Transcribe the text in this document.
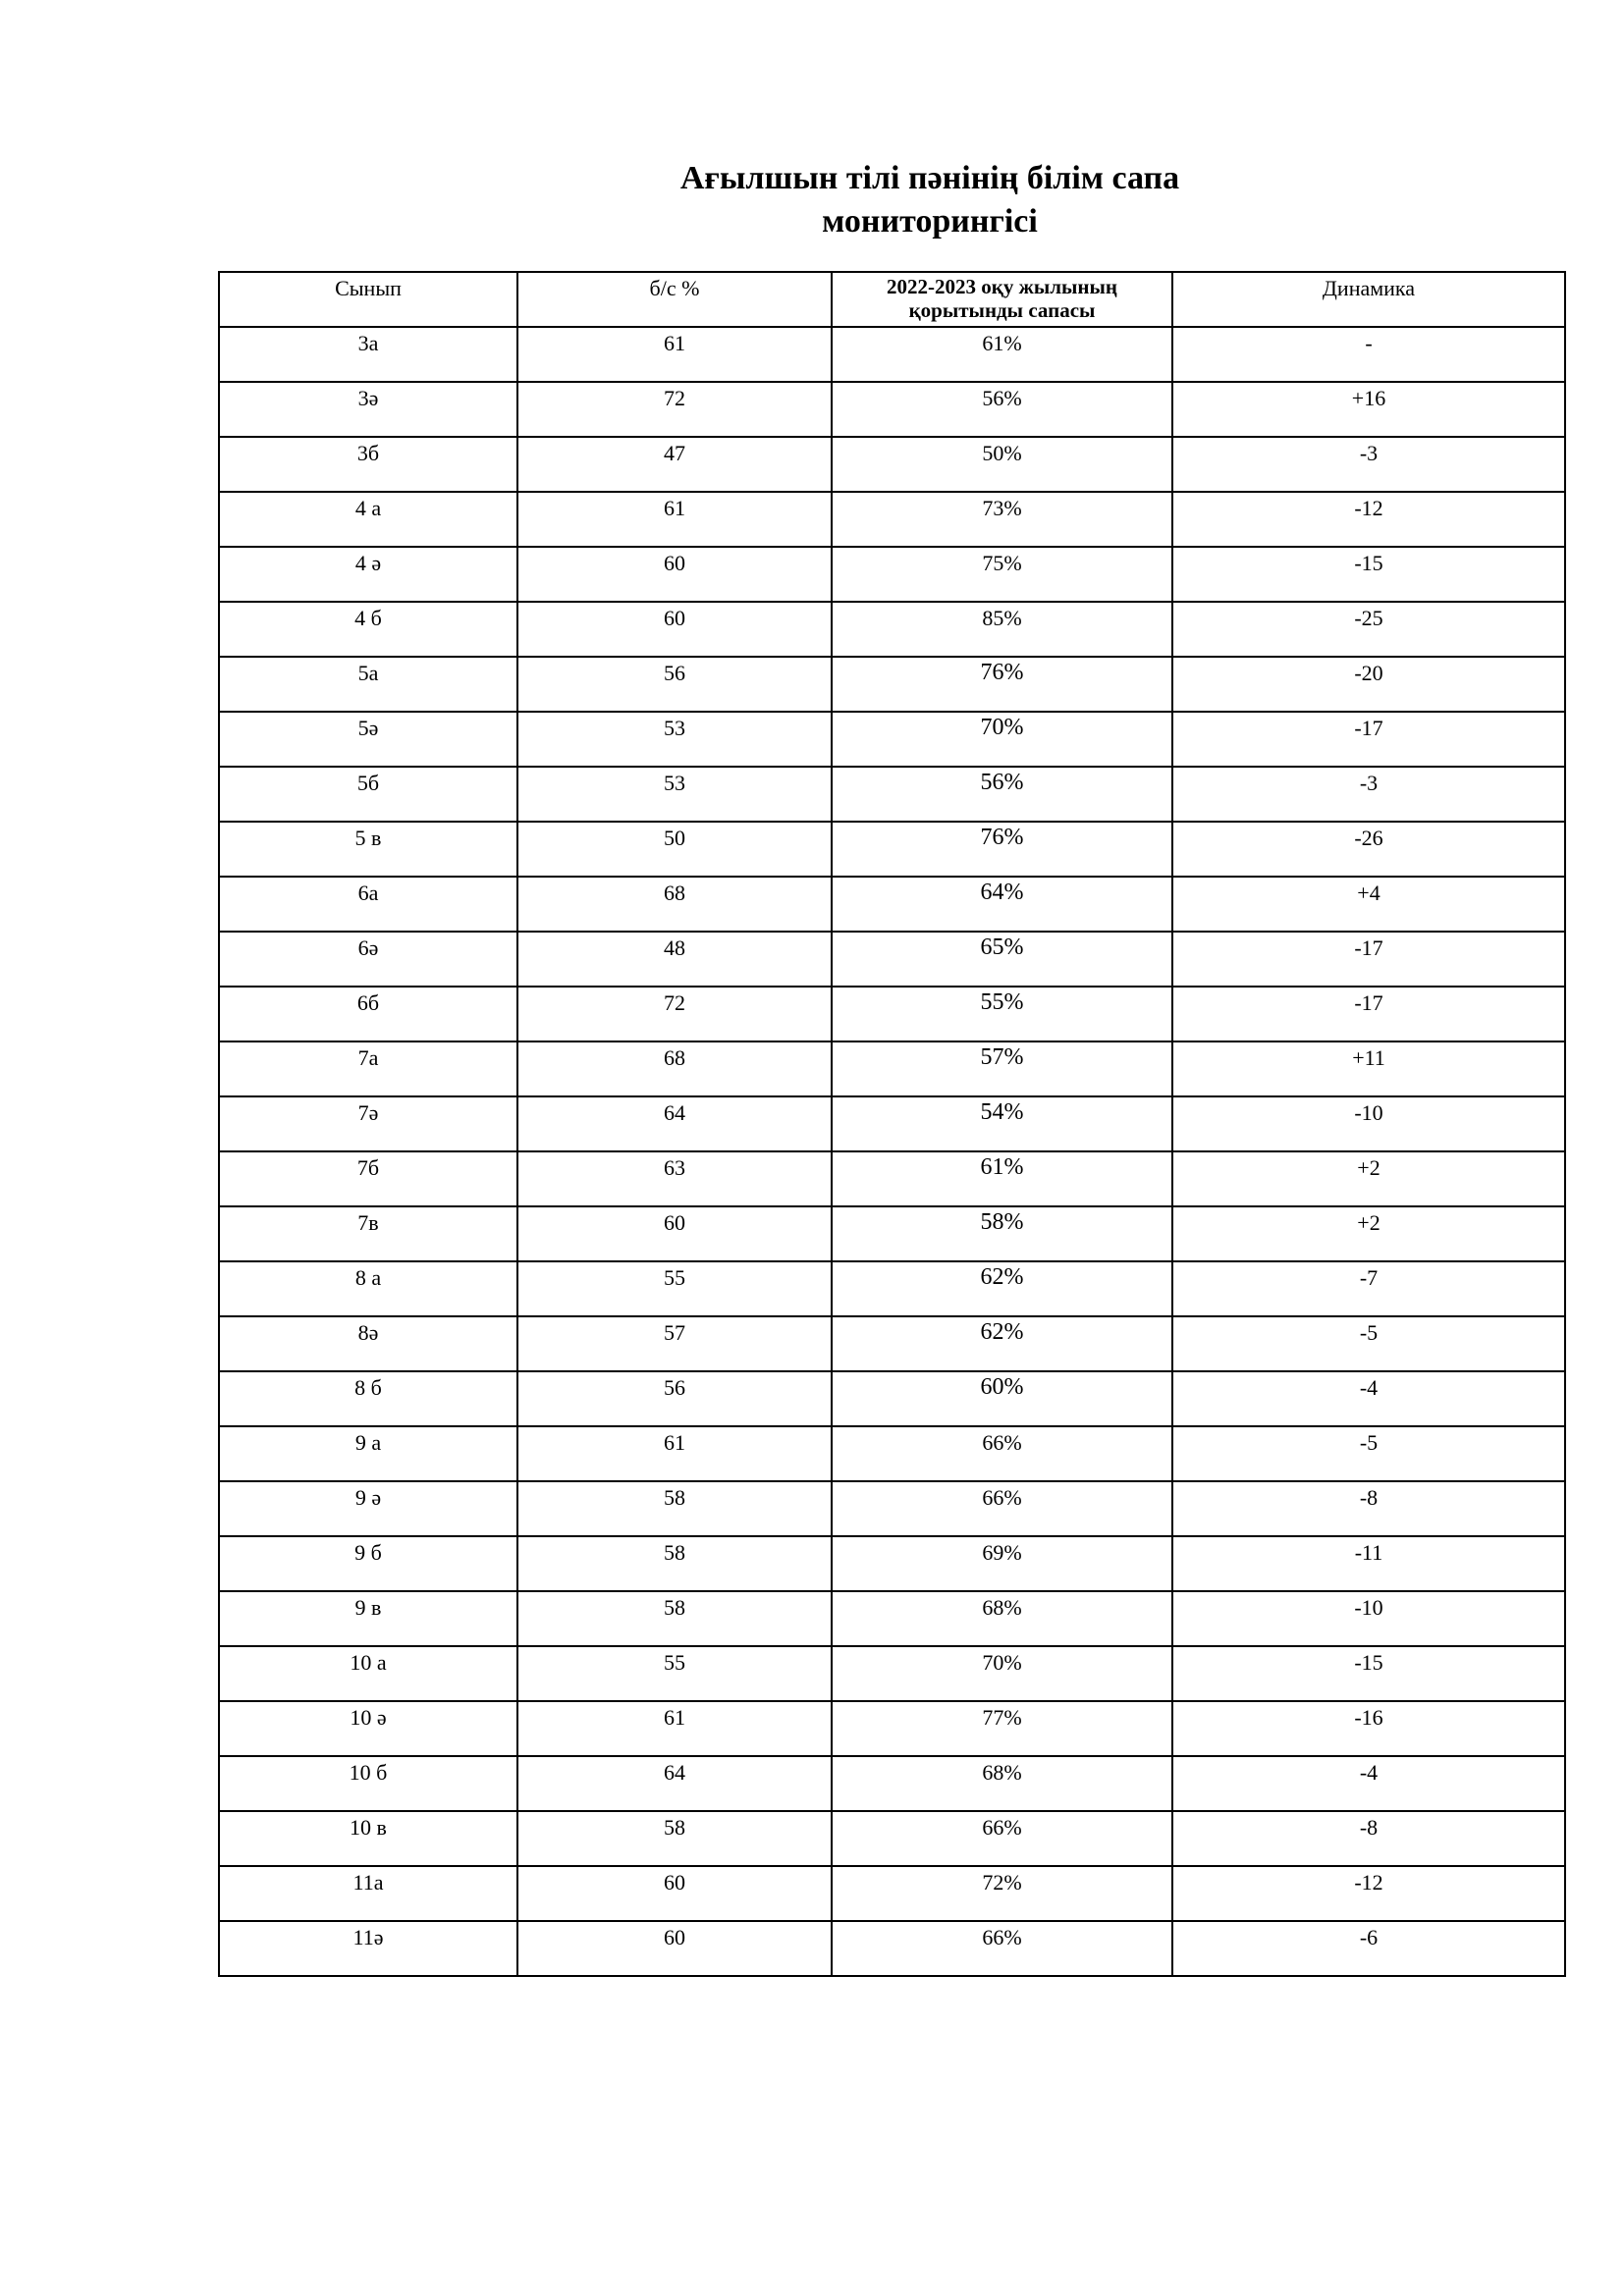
Ағылшын тілі пәнінің білім сапа
мониторингісі
Сынып	б/с %	2022-2023 оқу жылының қорытынды сапасы	Динамика
3а	61	61%	-
3ә	72	56%	+16
3б	47	50%	-3
4 а	61	73%	-12
4 ә	60	75%	-15
4 б	60	85%	-25
5а	56	76%	-20
5ә	53	70%	-17
5б	53	56%	-3
5 в	50	76%	-26
6а	68	64%	+4
6ә	48	65%	-17
6б	72	55%	-17
7а	68	57%	+11
7ә	64	54%	-10
7б	63	61%	+2
7в	60	58%	+2
8 а	55	62%	-7
8ә	57	62%	-5
8 б	56	60%	-4
9 а	61	66%	-5
9 ә	58	66%	-8
9 б	58	69%	-11
9 в	58	68%	-10
10 а	55	70%	-15
10 ә	61	77%	-16
10 б	64	68%	-4
10 в	58	66%	-8
11а	60	72%	-12
11ә	60	66%	-6
